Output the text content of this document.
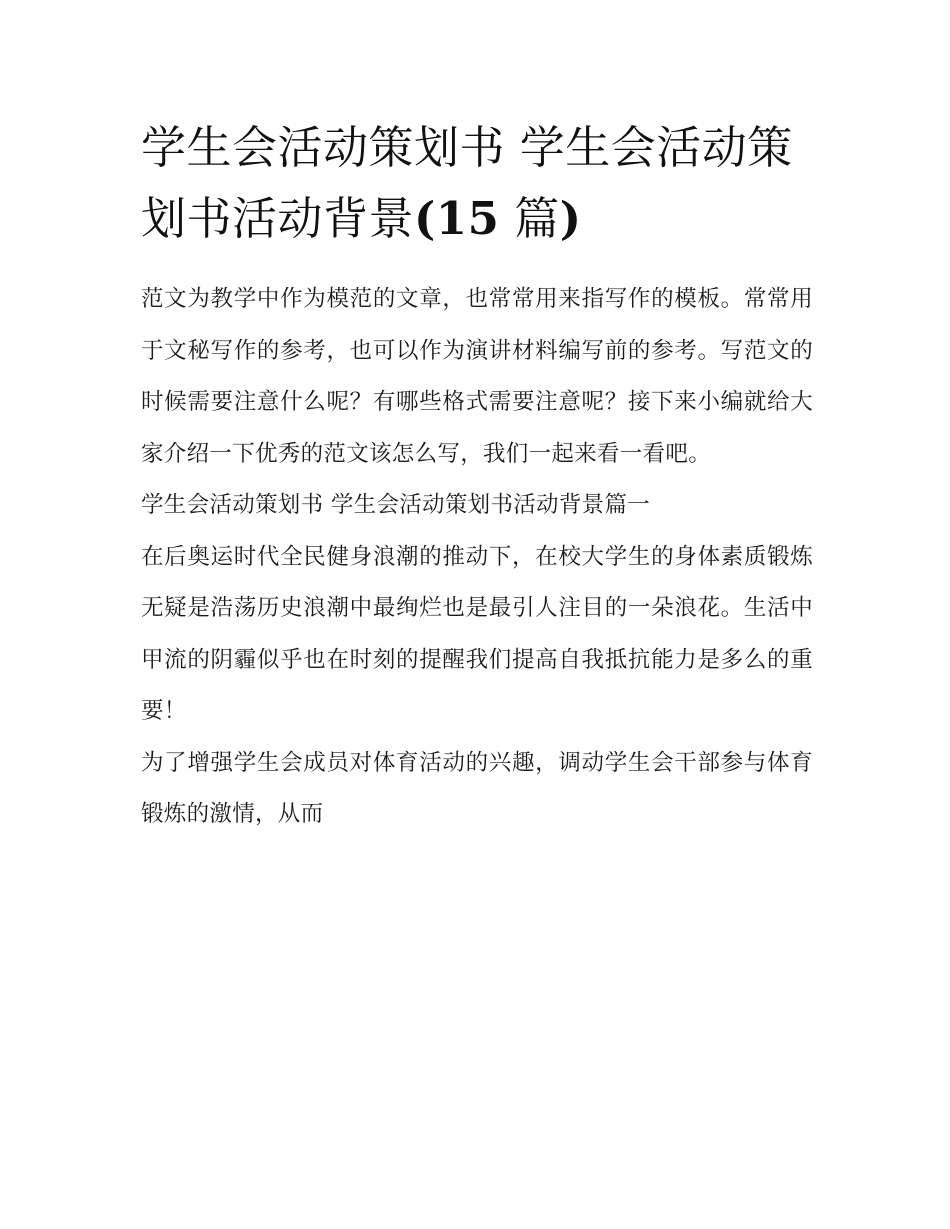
学生会活动策划书 学生会活动策划书活动背景(15 篇)

范文为教学中作为模范的文章，也常常用来指写作的模板。常常用于文秘写作的参考，也可以作为演讲材料编写前的参考。写范文的时候需要注意什么呢？有哪些格式需要注意呢？接下来小编就给大家介绍一下优秀的范文该怎么写，我们一起来看一看吧。

学生会活动策划书 学生会活动策划书活动背景篇一

在后奥运时代全民健身浪潮的推动下，在校大学生的身体素质锻炼无疑是浩荡历史浪潮中最绚烂也是最引人注目的一朵浪花。生活中甲流的阴霾似乎也在时刻的提醒我们提高自我抵抗能力是多么的重要！

为了增强学生会成员对体育活动的兴趣，调动学生会干部参与体育锻炼的激情，从而
